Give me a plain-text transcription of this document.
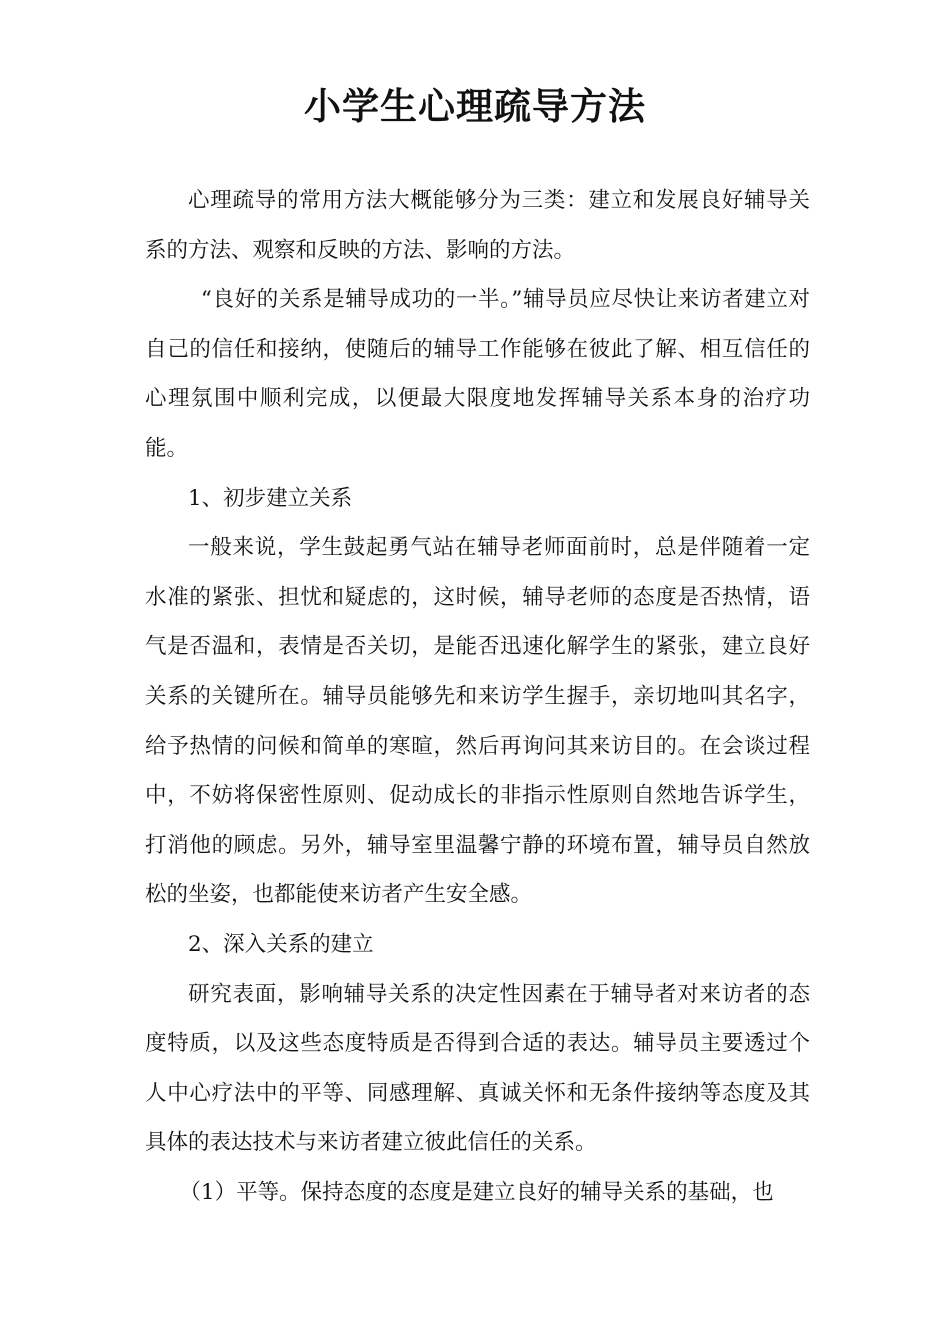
小学生心理疏导方法

心理疏导的常用方法大概能够分为三类：建立和发展良好辅导关系的方法、观察和反映的方法、影响的方法。

“良好的关系是辅导成功的一半。”辅导员应尽快让来访者建立对自己的信任和接纳，使随后的辅导工作能够在彼此了解、相互信任的心理氛围中顺利完成，以便最大限度地发挥辅导关系本身的治疗功能。

1、初步建立关系

一般来说，学生鼓起勇气站在辅导老师面前时，总是伴随着一定水准的紧张、担忧和疑虑的，这时候，辅导老师的态度是否热情，语气是否温和，表情是否关切，是能否迅速化解学生的紧张，建立良好关系的关键所在。辅导员能够先和来访学生握手，亲切地叫其名字，给予热情的问候和简单的寒暄，然后再询问其来访目的。在会谈过程中，不妨将保密性原则、促动成长的非指示性原则自然地告诉学生，打消他的顾虑。另外，辅导室里温馨宁静的环境布置，辅导员自然放松的坐姿，也都能使来访者产生安全感。

2、深入关系的建立

研究表面，影响辅导关系的决定性因素在于辅导者对来访者的态度特质，以及这些态度特质是否得到合适的表达。辅导员主要透过个人中心疗法中的平等、同感理解、真诚关怀和无条件接纳等态度及其具体的表达技术与来访者建立彼此信任的关系。

（1）平等。保持态度的态度是建立良好的辅导关系的基础，也
